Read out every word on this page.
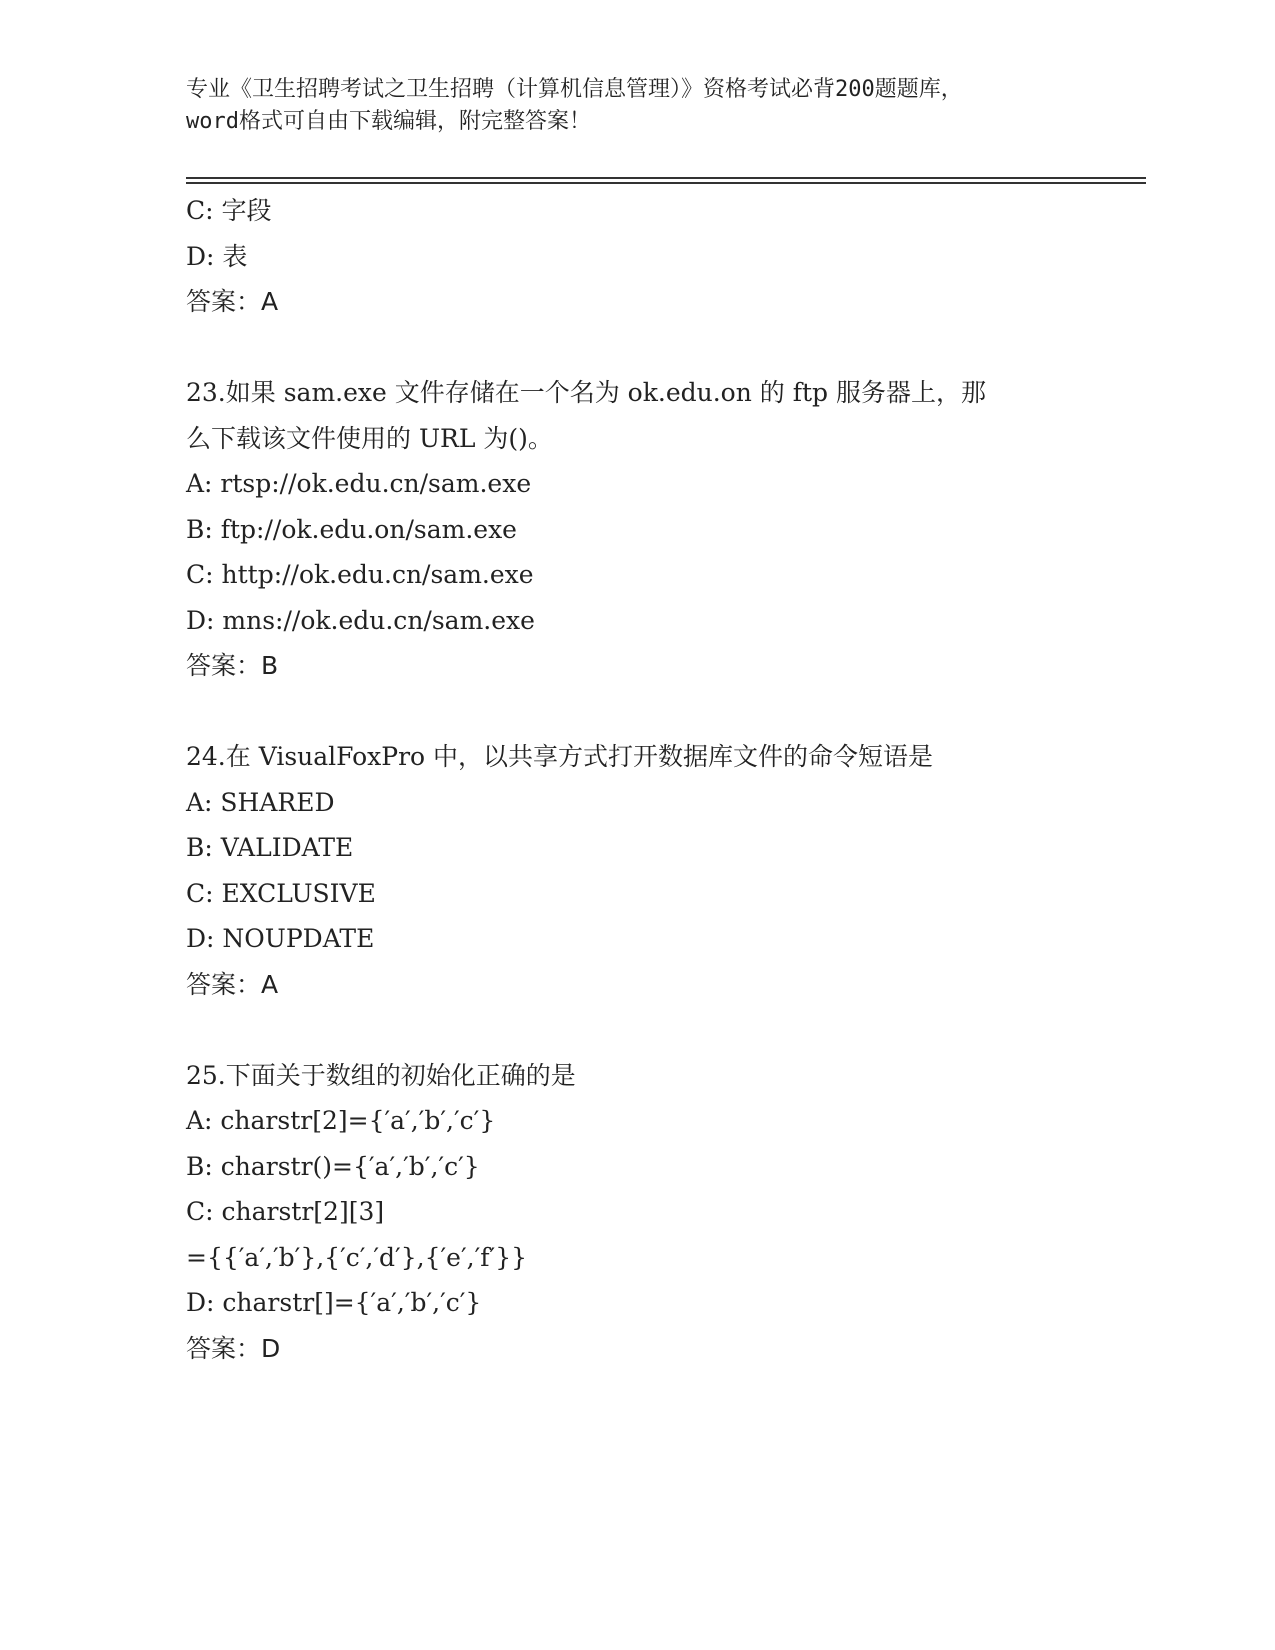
专业《卫生招聘考试之卫生招聘（计算机信息管理）》资格考试必背200题题库，
word格式可自由下载编辑，附完整答案！
C: 字段
D: 表
答案：A
23.如果 sam.exe 文件存储在一个名为 ok.edu.on 的 ftp 服务器上，那
么下载该文件使用的 URL 为()。
A: rtsp://ok.edu.cn/sam.exe
B: ftp://ok.edu.on/sam.exe
C: http://ok.edu.cn/sam.exe
D: mns://ok.edu.cn/sam.exe
答案：B
24.在 VisualFoxPro 中，以共享方式打开数据库文件的命令短语是
A: SHARED
B: VALIDATE
C: EXCLUSIVE
D: NOUPDATE
答案：A
25.下面关于数组的初始化正确的是
A: charstr[2]={′a′,′b′,′c′}
B: charstr()={′a′,′b′,′c′}
C: charstr[2][3]
={{′a′,′b′},{′c′,′d′},{′e′,′f′}}
D: charstr[]={′a′,′b′,′c′}
答案：D
